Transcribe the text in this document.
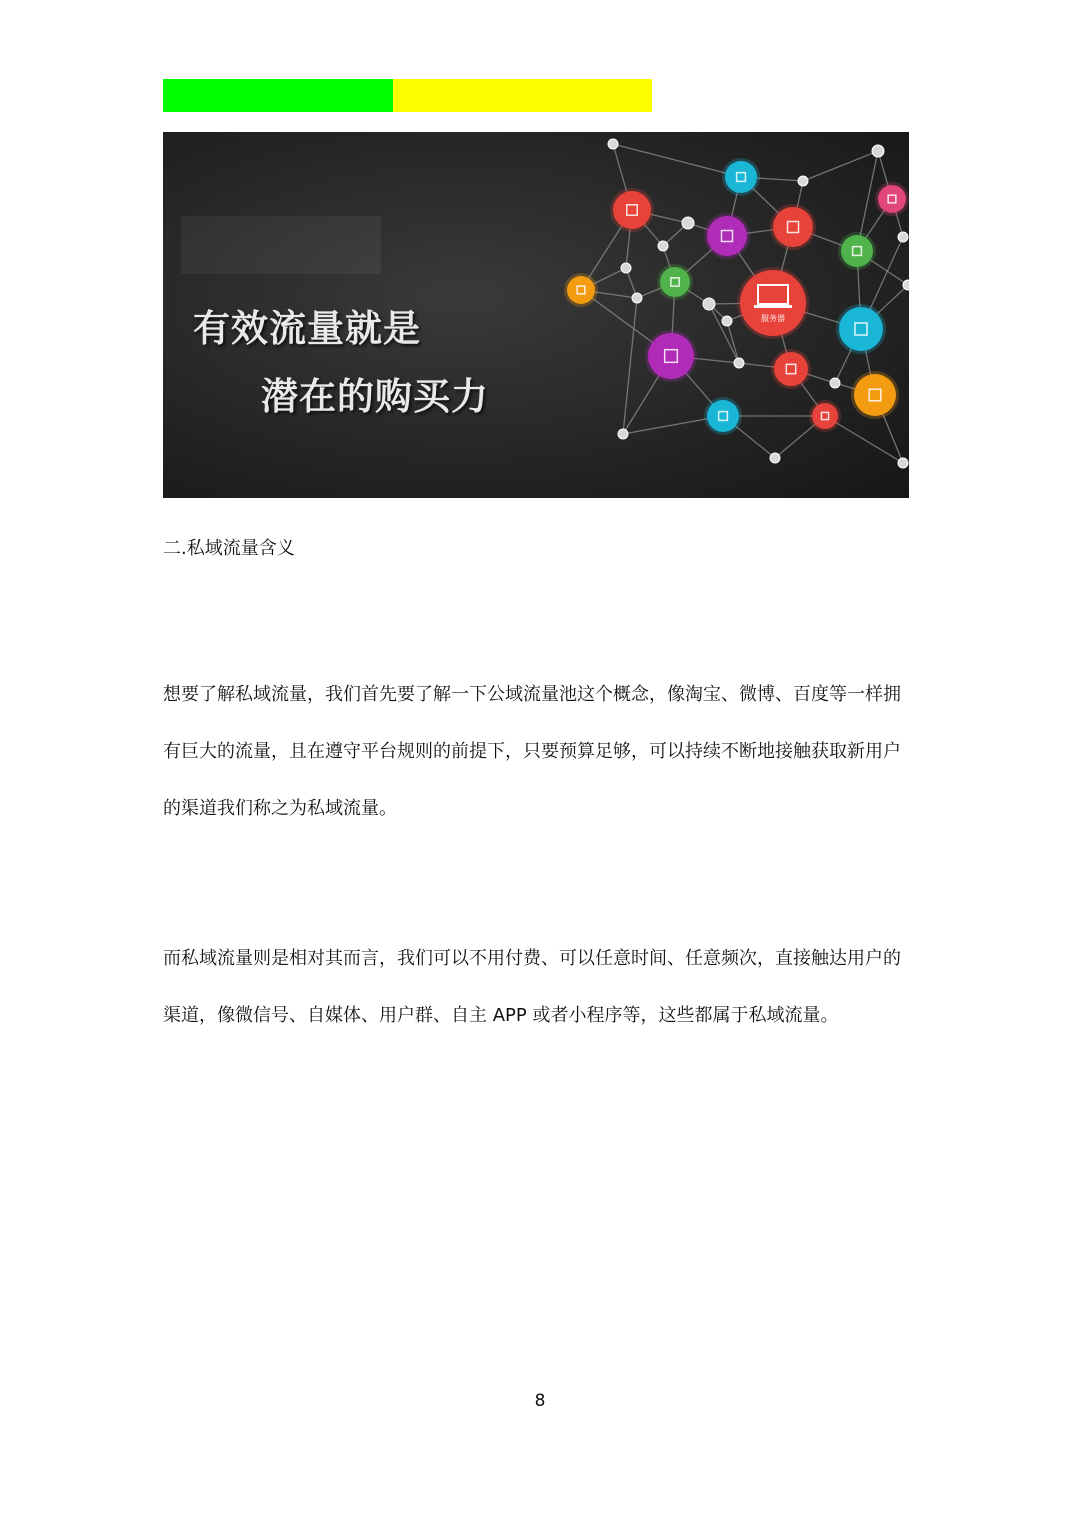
服务器
有效流量就是
潜在的购买力
二.私域流量含义
想要了解私域流量，我们首先要了解一下公域流量池这个概念，像淘宝、微博、百度等一样拥
有巨大的流量，且在遵守平台规则的前提下，只要预算足够，可以持续不断地接触获取新用户
的渠道我们称之为私域流量。
而私域流量则是相对其而言，我们可以不用付费、可以任意时间、任意频次，直接触达用户的
渠道，像微信号、自媒体、用户群、自主 APP 或者小程序等，这些都属于私域流量。
8
